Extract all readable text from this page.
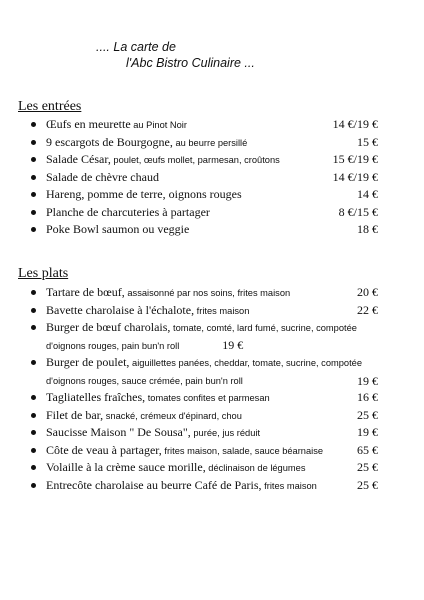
.... La carte de
l'Abc Bistro Culinaire ...
Les entrées
Œufs en meurette au Pinot Noir	14 €/19 €
9 escargots de Bourgogne, au beurre persillé	15 €
Salade César, poulet, œufs mollet, parmesan, croûtons	15 €/19 €
Salade de chèvre chaud	14 €/19 €
Hareng, pomme de terre, oignons rouges	14 €
Planche de charcuteries à partager	8 €/15 €
Poke Bowl saumon ou veggie	18 €
Les plats
Tartare de bœuf, assaisonné par nos soins, frites maison	20 €
Bavette charolaise à l'échalote, frites maison	22 €
Burger de bœuf charolais, tomate, comté, lard fumé, sucrine, compotée d'oignons rouges, pain bun'n roll	19 €
Burger de poulet, aiguillettes panées, cheddar, tomate, sucrine, compotée d'oignons rouges, sauce crémée, pain bun'n roll	19 €
Tagliatelles fraîches, tomates confites et parmesan	16 €
Filet de bar, snacké, crémeux d'épinard, chou	25 €
Saucisse Maison " De Sousa", purée, jus réduit	19 €
Côte de veau à partager, frites maison, salade, sauce béarnaise	65 €
Volaille à la crème sauce morille, déclinaison de légumes	25 €
Entrecôte charolaise au beurre Café de Paris, frites maison	25 €
